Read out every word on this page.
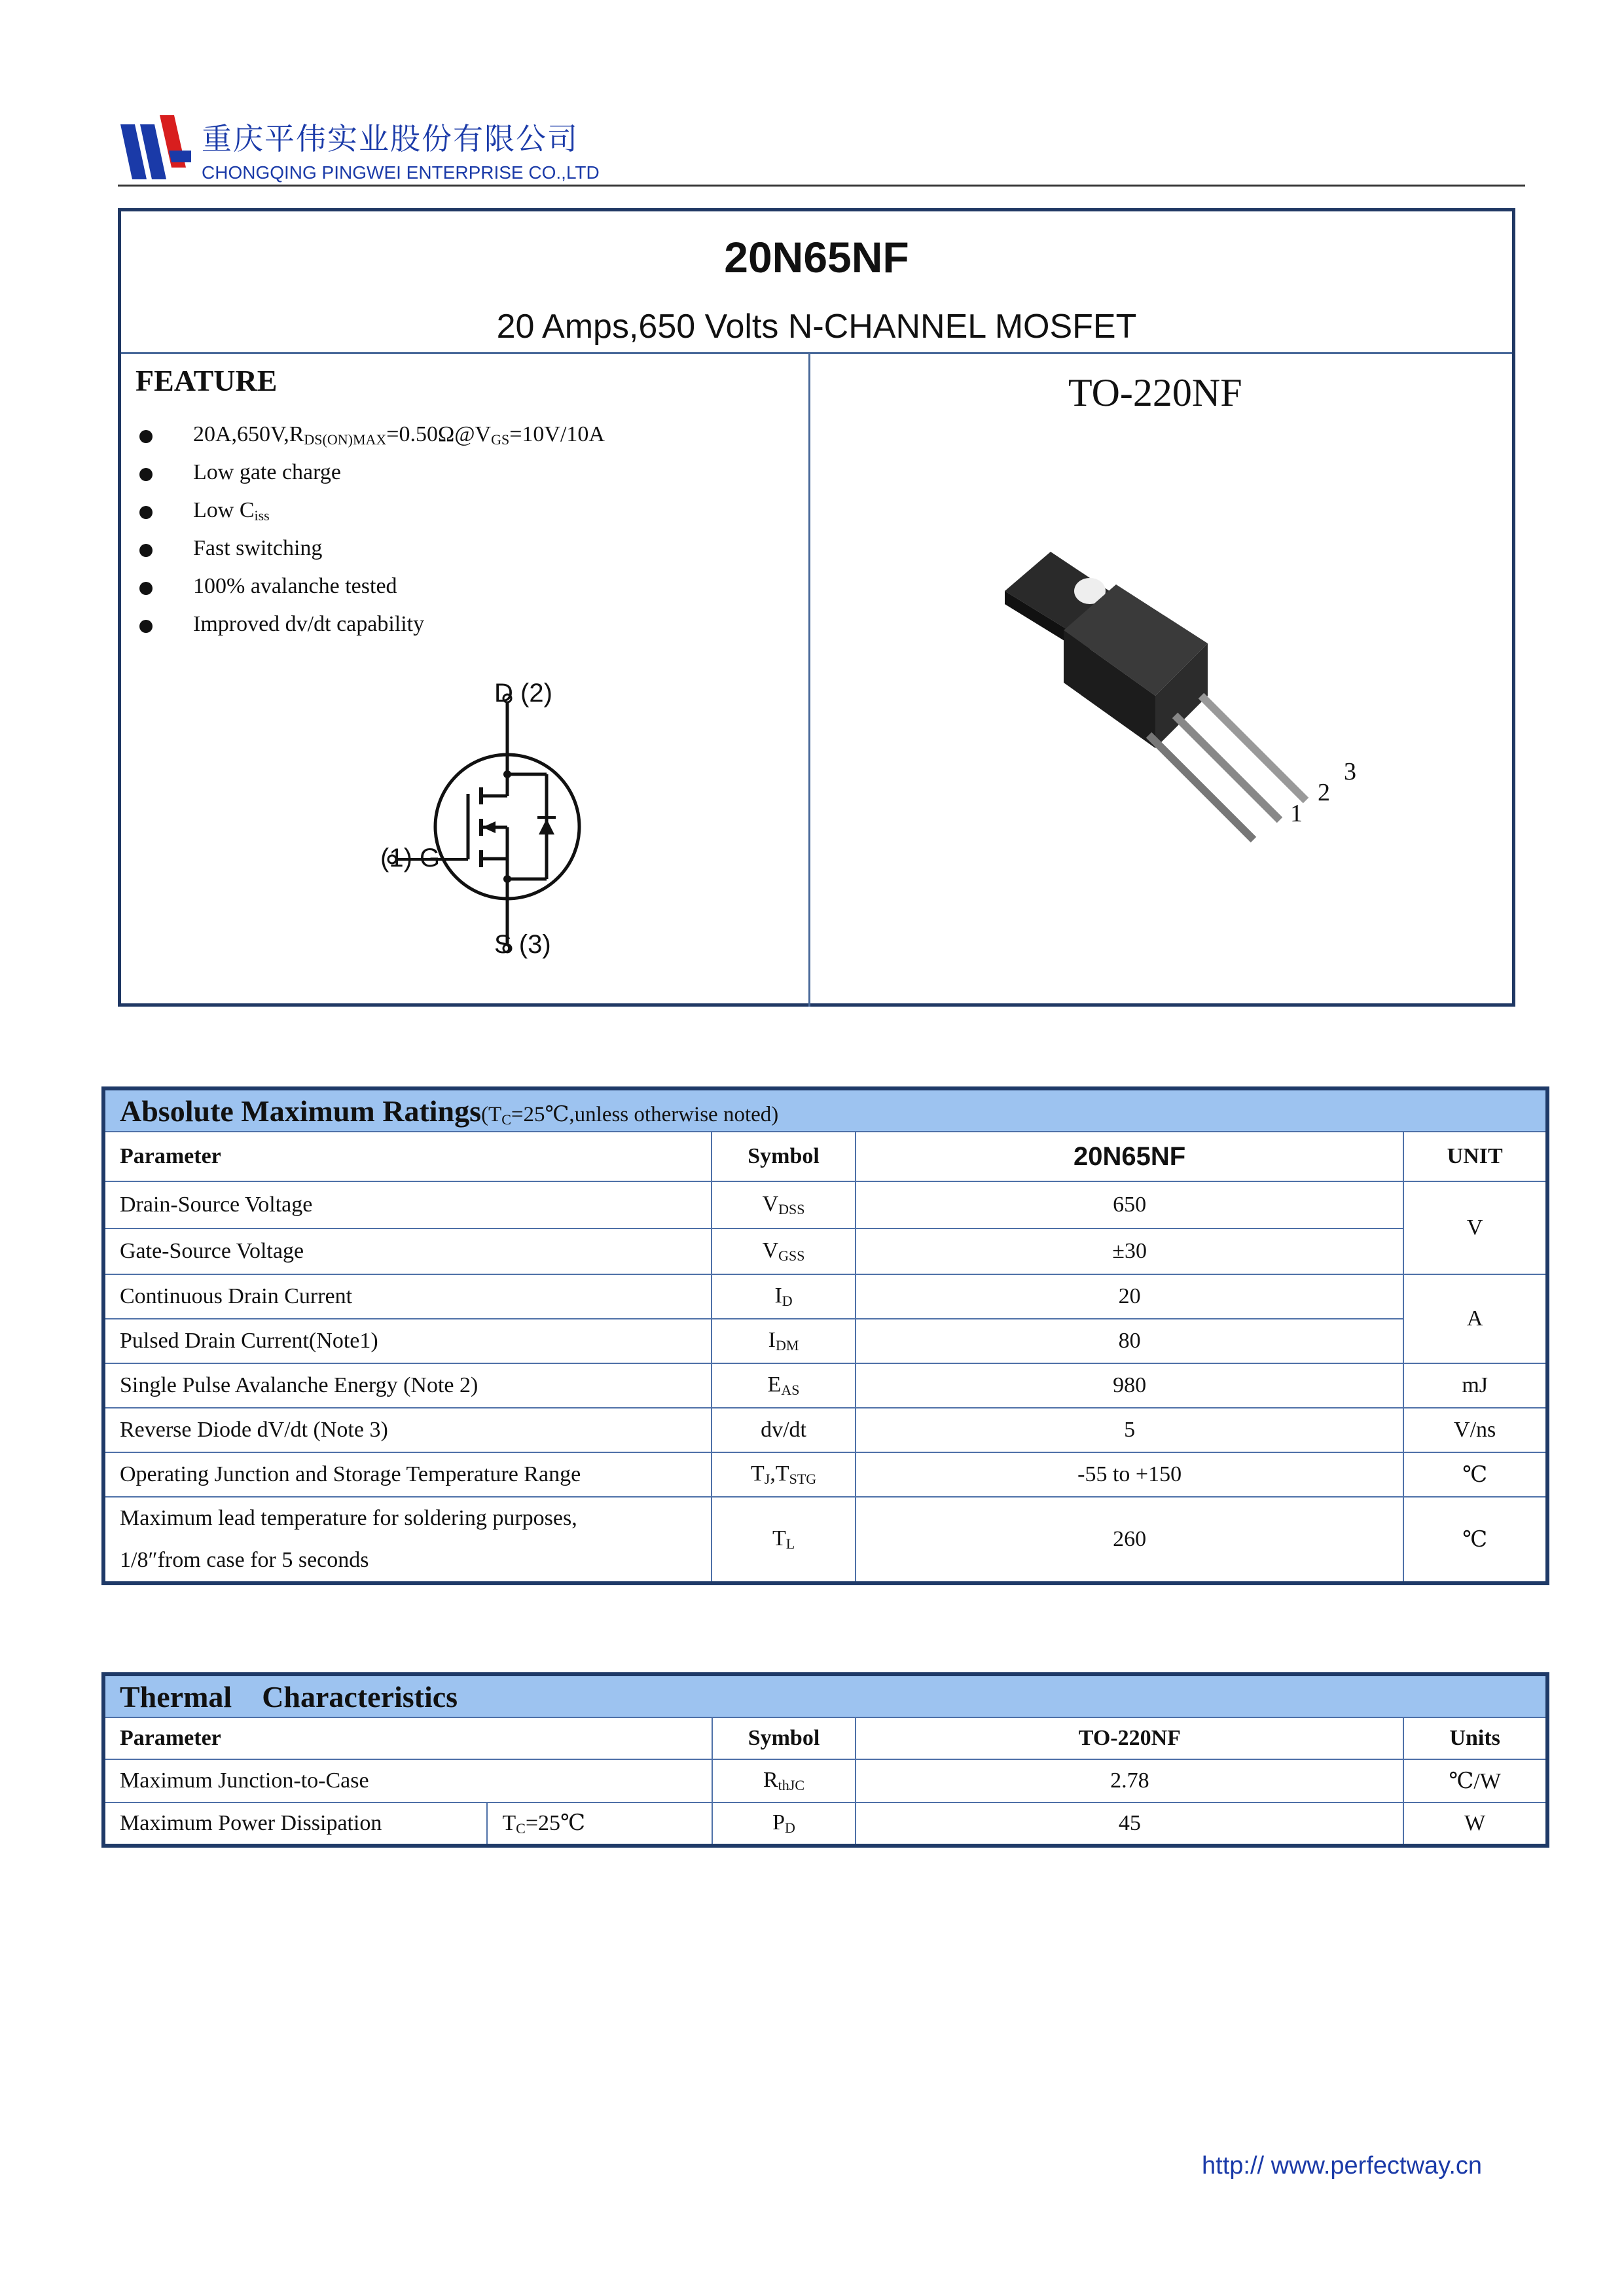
重庆平伟实业股份有限公司
CHONGQING PINGWEI ENTERPRISE CO.,LTD
20N65NF
20 Amps,650 Volts N-CHANNEL MOSFET
FEATURE
$20A,650V,R_{DS(ON)MAX}=0.50\Omega@V_{GS}=10V/10A$
Low gate charge
Low $C_{iss}$
Fast switching
100% avalanche tested
Improved dv/dt capability
D (2)
(1) G
S (3)
TO-220NF
1
2
3
Absolute Maximum $Ratings(T_C=25℃,unless$ otherwise noted)			
Parameter	Symbol	20N65NF	UNIT
Drain-Source Voltage	$V_{DSS}$	650	V
Gate-Source Voltage	$V_{GSS}$	±30	
Continuous Drain Current	$I_D$	20	A
Pulsed Drain Current(Note1)	$I_{DM}$	80	
Single Pulse Avalanche Energy (Note 2)	$E_{AS}$	980	mJ
Reverse Diode dV/dt (Note 3)	dv/dt	5	V/ns
Operating Junction and Storage Temperature Range	$T_J,T_{STG}$	-55 to +150	℃
Maximum lead temperature for soldering purposes,
1/8″from case for 5 seconds	$T_L$	260	℃
Thermal    Characteristics				
Parameter		Symbol	TO-220NF	Units
Maximum Junction-to-Case		$R_{thJC}$	2.78	℃/W
Maximum Power Dissipation	$T_C=25℃$	$P_D$	45	W
http:// www.perfectway.cn
